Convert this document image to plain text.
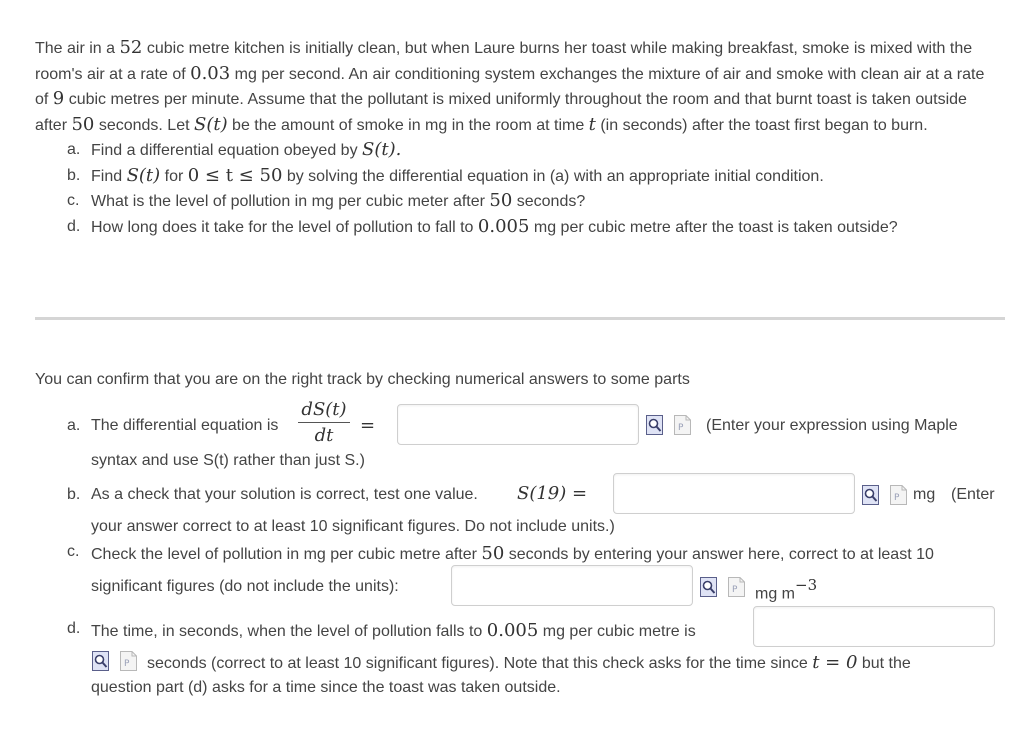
The air in a 52 cubic metre kitchen is initially clean, but when Laure burns her toast while making breakfast, smoke is mixed with the room's air at a rate of 0.03 mg per second. An air conditioning system exchanges the mixture of air and smoke with clean air at a rate of 9 cubic metres per minute. Assume that the pollutant is mixed uniformly throughout the room and that burnt toast is taken outside after 50 seconds. Let S(t) be the amount of smoke in mg in the room at time t (in seconds) after the toast first began to burn.

a. Find a differential equation obeyed by S(t).
b. Find S(t) for 0 ≤ t ≤ 50 by solving the differential equation in (a) with an appropriate initial condition.
c. What is the level of pollution in mg per cubic meter after 50 seconds?
d. How long does it take for the level of pollution to fall to 0.005 mg per cubic metre after the toast is taken outside?
You can confirm that you are on the right track by checking numerical answers to some parts
a. The differential equation is
dS(t)
dt	=	P (Enter your expression using Maple
syntax and use S(t) rather than just S.)
b. As a check that your solution is correct, test one value. S(19) =	P mg (Enter
your answer correct to at least 10 significant figures. Do not include units.)
c. Check the level of pollution in mg per cubic metre after 50 seconds by entering your answer here, correct to at least 10
significant figures (do not include the units):	P mg $m^{-3}$
d. The time, in seconds, when the level of pollution falls to 0.005 mg per cubic metre is
P seconds (correct to at least 10 significant figures). Note that this check asks for the time since t = 0 but the
question part (d) asks for a time since the toast was taken outside.
